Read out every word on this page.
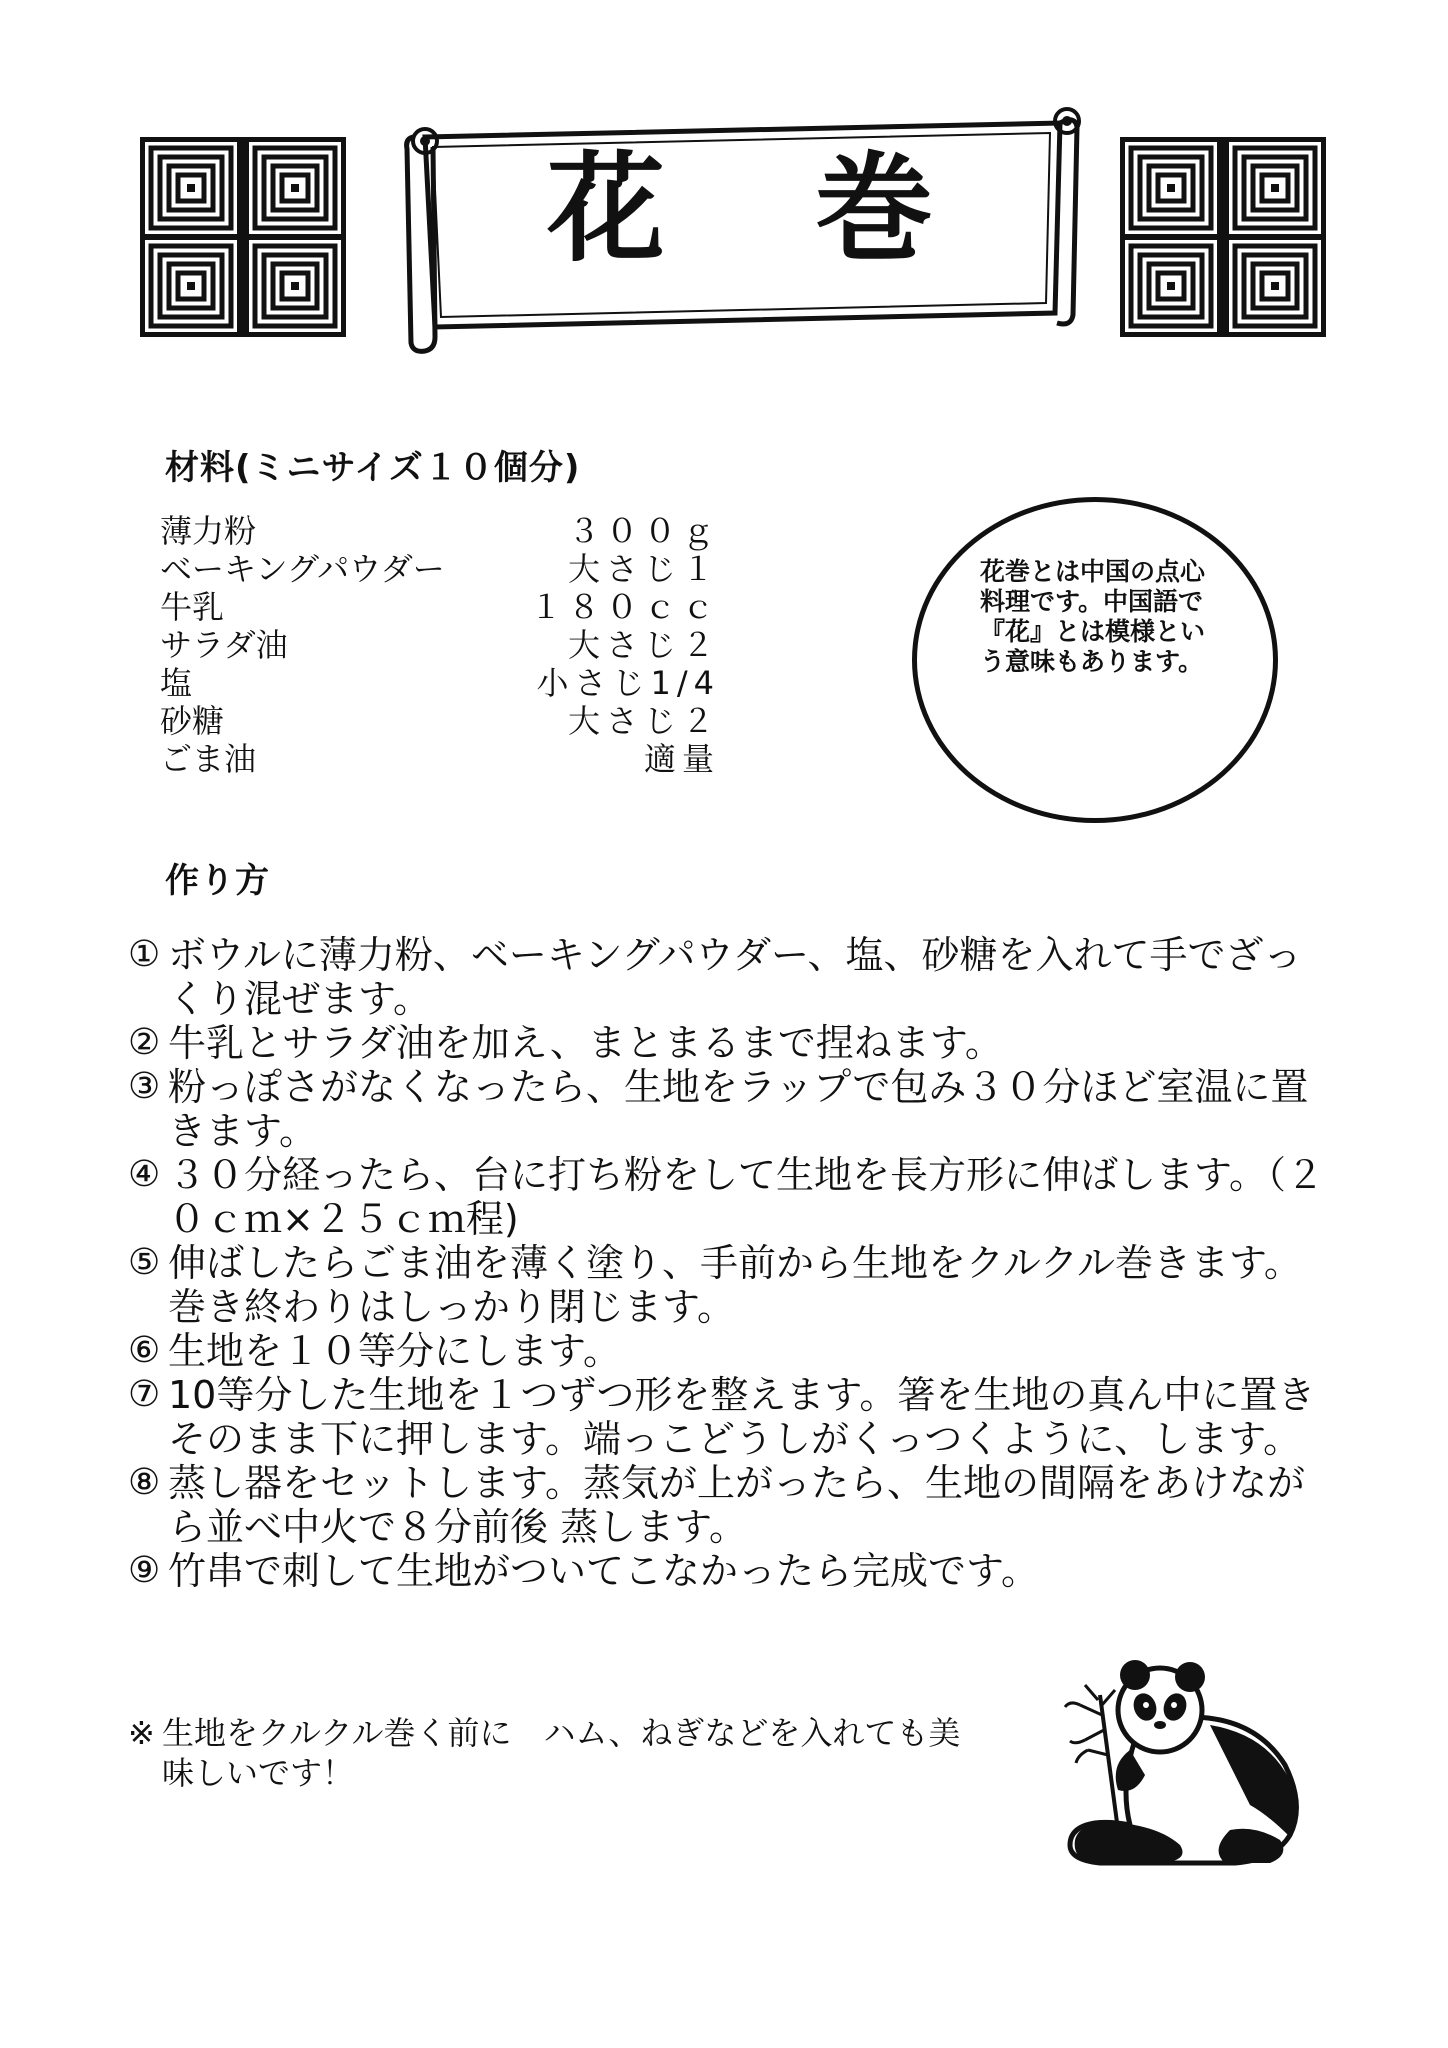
花巻
材料(ミニサイズ１０個分)
薄力粉	３００ｇ
ベーキングパウダー	大さじ１
牛乳	１８０ｃｃ
サラダ油	大さじ２
塩	小さじ1/4
砂糖	大さじ２
ごま油	適量
花巻とは中国の点心料理です。中国語で『花』とは模様という意味もあります。
作り方
① ボウルに薄力粉、ベーキングパウダー、塩、砂糖を入れて手でざっくり混ぜます。
② 牛乳とサラダ油を加え、まとまるまで捏ねます。
③ 粉っぽさがなくなったら、生地をラップで包み３０分ほど室温に置きます。
④ ３０分経ったら、台に打ち粉をして生地を長方形に伸ばします。（２０ｃｍ×２５ｃｍ程)
⑤ 伸ばしたらごま油を薄く塗り、手前から生地をクルクル巻きます。巻き終わりはしっかり閉じます。
⑥ 生地を１０等分にします。
⑦ 10等分した生地を１つずつ形を整えます。箸を生地の真ん中に置きそのまま下に押します。端っこどうしがくっつくように、します。
⑧ 蒸し器をセットします。蒸気が上がったら、生地の間隔をあけながら並べ中火で８分前後 蒸します。
⑨ 竹串で刺して生地がついてこなかったら完成です。
※ 生地をクルクル巻く前に　ハム、ねぎなどを入れても美味しいです！
